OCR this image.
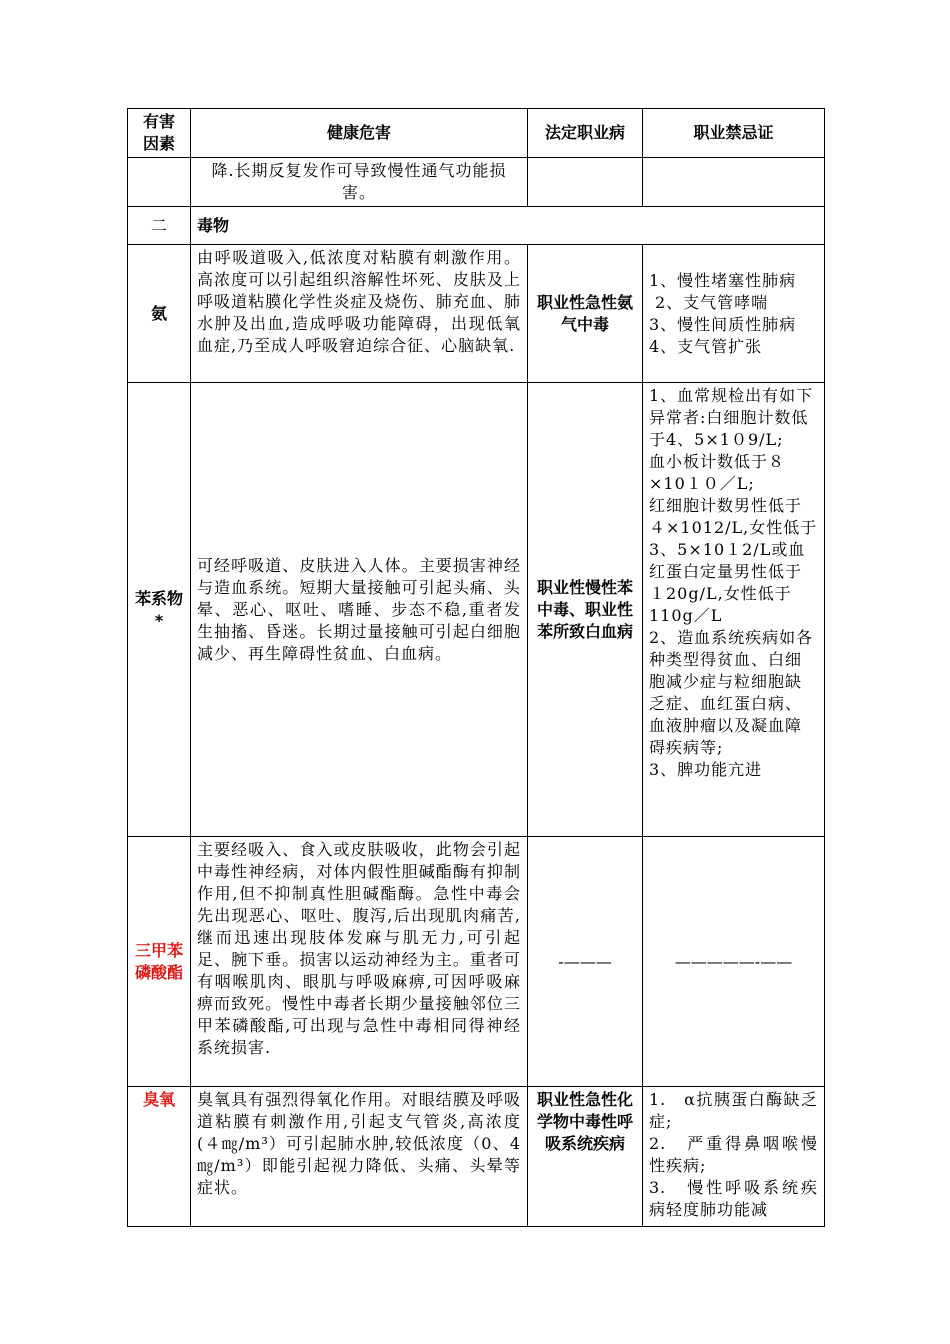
有害因素	健康危害	法定职业病	职业禁忌证
	降.长期反复发作可导致慢性通气功能损害。		
二	毒物		
氨	由呼吸道吸入,低浓度对粘膜有刺激作用。高浓度可以引起组织溶解性坏死、皮肤及上呼吸道粘膜化学性炎症及烧伤、肺充血、肺水肿及出血,造成呼吸功能障碍，出现低氧血症,乃至成人呼吸窘迫综合征、心脑缺氧.	职业性急性氨气中毒	1、慢性堵塞性肺病
2、支气管哮喘
3、慢性间质性肺病
4、支气管扩张

苯系物*	可经呼吸道、皮肤进入人体。主要损害神经与造血系统。短期大量接触可引起头痛、头晕、恶心、呕吐、嗜睡、步态不稳,重者发生抽搐、昏迷。长期过量接触可引起白细胞减少、再生障碍性贫血、白血病。	职业性慢性苯中毒、职业性苯所致白血病	1、血常规检出有如下异常者:白细胞计数低于4、5×1０9/L;
血小板计数低于８×10１０／L;
红细胞计数男性低于４×1012/L,女性低于3、5×10１2/L或血红蛋白定量男性低于１20g/L,女性低于110g／L
2、造血系统疾病如各种类型得贫血、白细胞减少症与粒细胞缺乏症、血红蛋白病、血液肿瘤以及凝血障碍疾病等;
3、脾功能亢进

三甲苯磷酸酯	主要经吸入、食入或皮肤吸收，此物会引起中毒性神经病，对体内假性胆碱酯酶有抑制作用,但不抑制真性胆碱酯酶。急性中毒会先出现恶心、呕吐、腹泻,后出现肌肉痛苦,继而迅速出现肢体发麻与肌无力,可引起足、腕下垂。损害以运动神经为主。重者可有咽喉肌肉、眼肌与呼吸麻痹,可因呼吸麻痹而致死。慢性中毒者长期少量接触邻位三甲苯磷酸酯,可出现与急性中毒相同得神经系统损害.	-———	—————-——
臭氧	臭氧具有强烈得氧化作用。对眼结膜及呼吸道粘膜有刺激作用,引起支气管炎,高浓度(４㎎/m³）可引起肺水肿,较低浓度（0、4㎎/m³）即能引起视力降低、头痛、头晕等症状。	职业性急性化学物中毒性呼吸系统疾病	1.　α抗胰蛋白酶缺乏症;
2.　严重得鼻咽喉慢性疾病;
3.　慢性呼吸系统疾病轻度肺功能减
